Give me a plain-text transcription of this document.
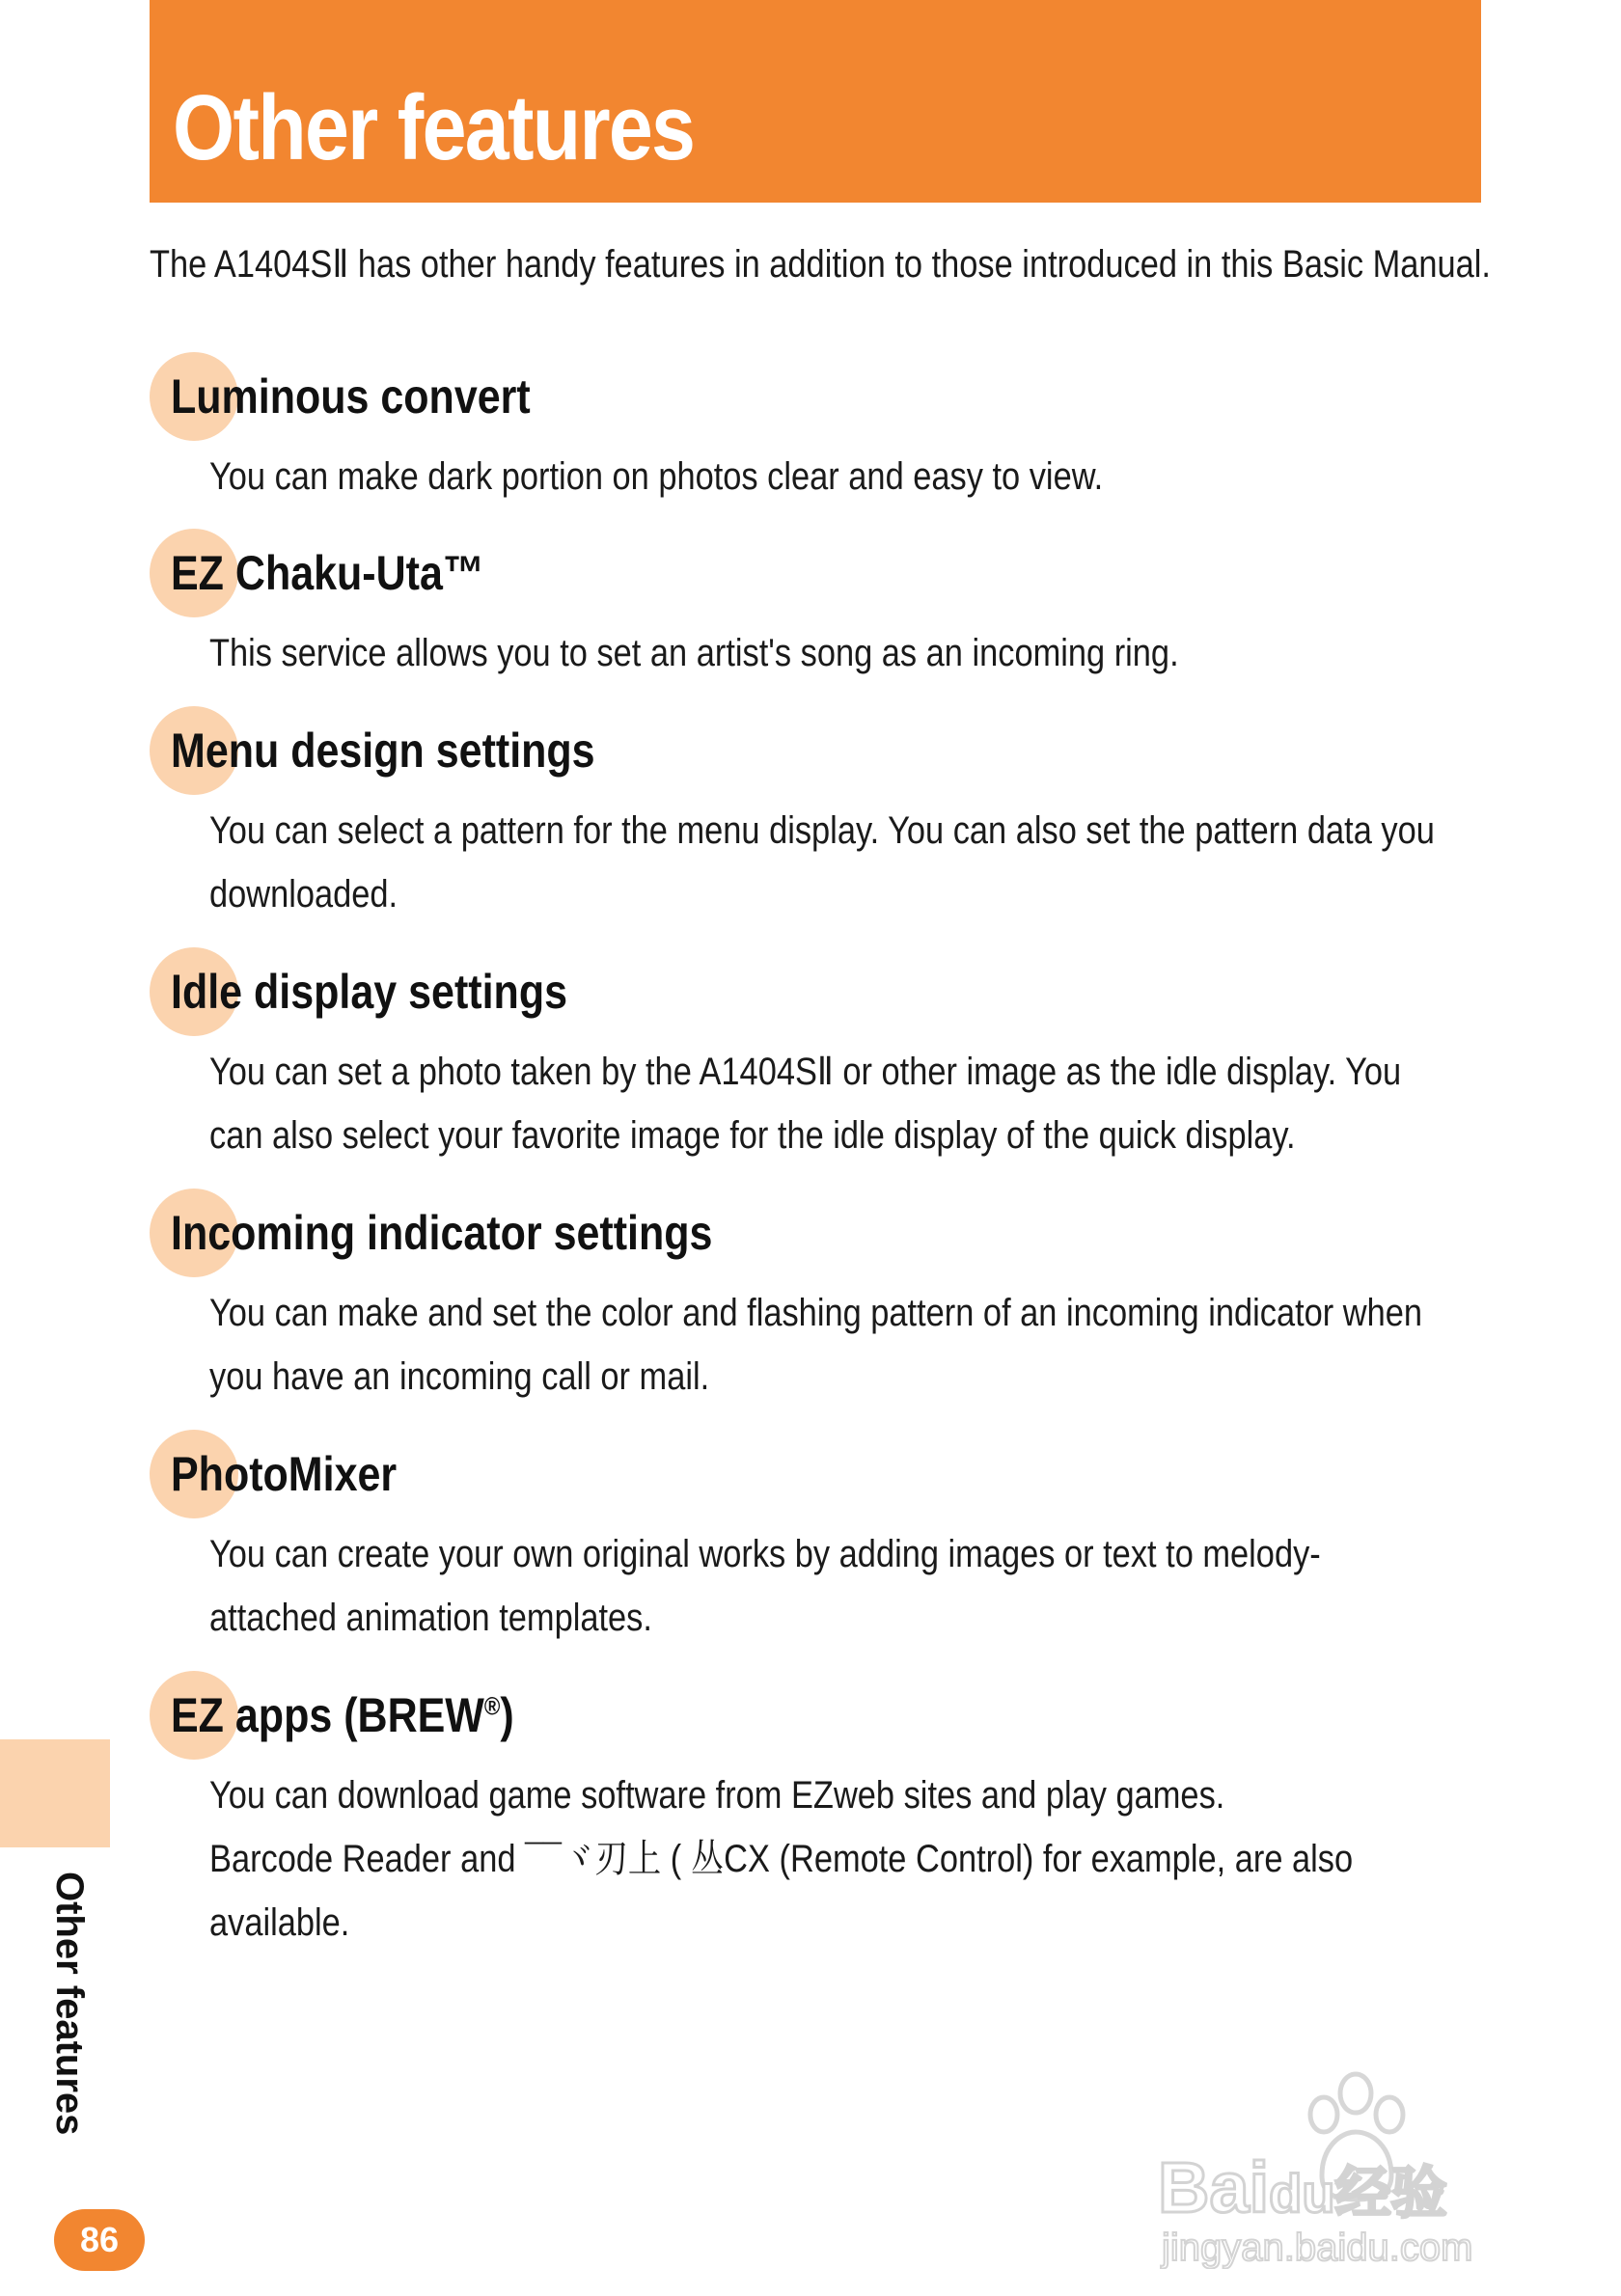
Other features
The A1404SⅡ has other handy features in addition to those introduced in this Basic Manual.
Luminous convert

You can make dark portion on photos clear and easy to view.

EZ Chaku-Uta™

This service allows you to set an artist's song as an incoming ring.

Menu design settings

You can select a pattern for the menu display. You can also set the pattern data you downloaded.

Idle display settings

You can set a photo taken by the A1404SⅡ or other image as the idle display. You can also select your favorite image for the idle display of the quick display.

Incoming indicator settings

You can make and set the color and flashing pattern of an incoming indicator when you have an incoming call or mail.

PhotoMixer

You can create your own original works by adding images or text to melody-attached animation templates.

EZ apps (BREW®)

You can download game software from EZweb sites and play games.
Barcode Reader and ¯¯ヾ刃上 ( 丛CX (Remote Control) for example, are also available.

Other features
86
Baidu经验
jingyan.baidu.com
